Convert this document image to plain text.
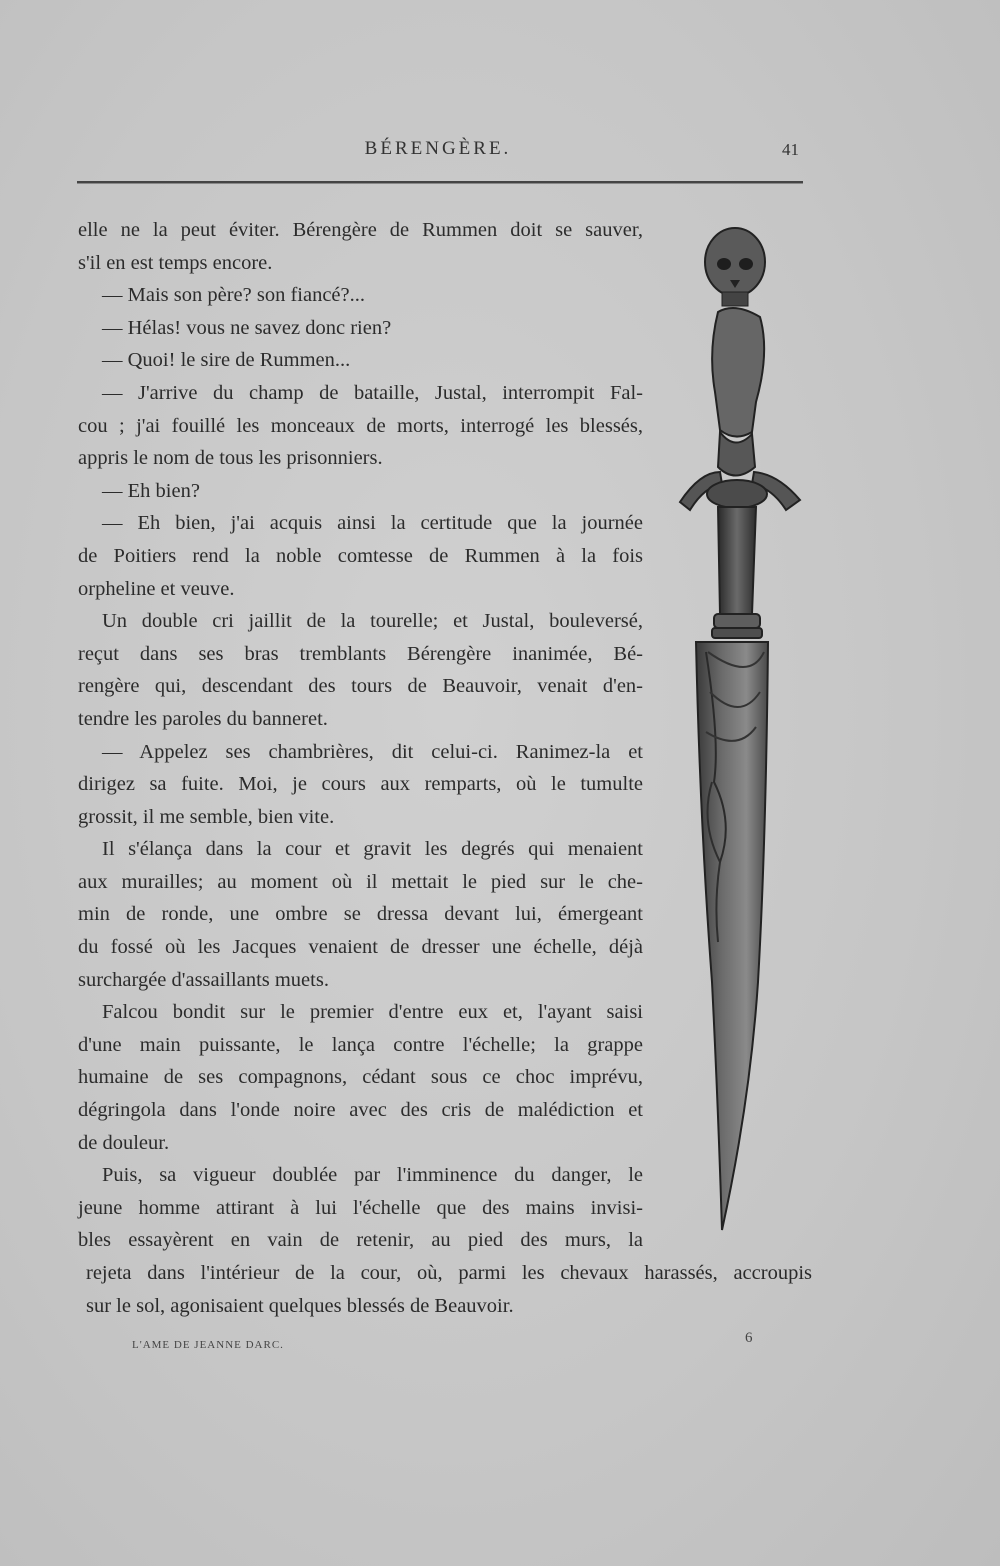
BÉRENGÈRE.	41
elle ne la peut éviter. Bérengère de Rummen doit se sauver,
s'il en est temps encore.
— Mais son père? son fiancé?...
— Hélas! vous ne savez donc rien?
— Quoi! le sire de Rummen...
— J'arrive du champ de bataille, Justal, interrompit Fal-
cou ; j'ai fouillé les monceaux de morts, interrogé les blessés,
appris le nom de tous les prisonniers.
— Eh bien?
— Eh bien, j'ai acquis ainsi la certitude que la journée
de Poitiers rend la noble comtesse de Rummen à la fois
orpheline et veuve.
Un double cri jaillit de la tourelle; et Justal, bouleversé,
reçut dans ses bras tremblants Bérengère inanimée, Bé-
rengère qui, descendant des tours de Beauvoir, venait d'en-
tendre les paroles du banneret.
— Appelez ses chambrières, dit celui-ci. Ranimez-la et
dirigez sa fuite. Moi, je cours aux remparts, où le tumulte
grossit, il me semble, bien vite.
Il s'élança dans la cour et gravit les degrés qui menaient
aux murailles; au moment où il mettait le pied sur le che-
min de ronde, une ombre se dressa devant lui, émergeant
du fossé où les Jacques venaient de dresser une échelle, déjà
surchargée d'assaillants muets.
Falcou bondit sur le premier d'entre eux et, l'ayant saisi
d'une main puissante, le lança contre l'échelle; la grappe
humaine de ses compagnons, cédant sous ce choc imprévu,
dégringola dans l'onde noire avec des cris de malédiction et
de douleur.
Puis, sa vigueur doublée par l'imminence du danger, le
jeune homme attirant à lui l'échelle que des mains invisi-
bles essayèrent en vain de retenir, au pied des murs, la
rejeta dans l'intérieur de la cour, où, parmi les chevaux harassés, accroupis
sur le sol, agonisaient quelques blessés de Beauvoir.
L'AME DE JEANNE DARC.	6
